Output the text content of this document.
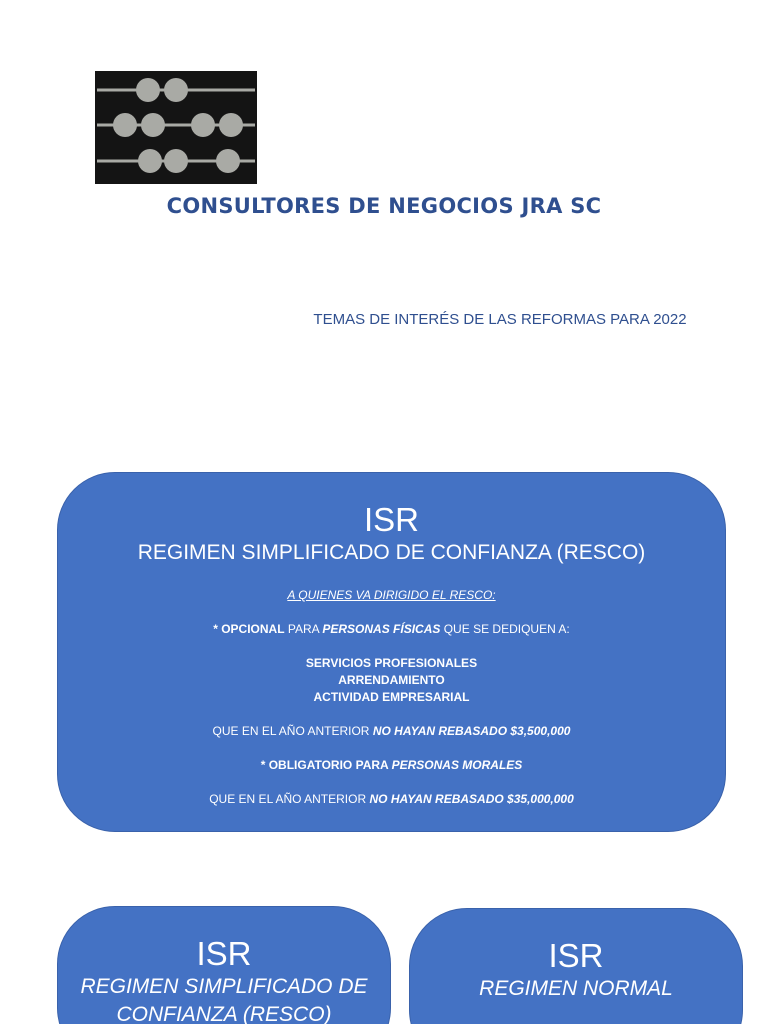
CONSULTORES DE NEGOCIOS JRA SC
TEMAS DE INTERÉS DE LAS REFORMAS PARA 2022
ISR
REGIMEN SIMPLIFICADO DE CONFIANZA (RESCO)
A QUIENES VA DIRIGIDO EL RESCO:
* OPCIONAL PARA PERSONAS FÍSICAS QUE SE DEDIQUEN A:
SERVICIOS PROFESIONALES
ARRENDAMIENTO
ACTIVIDAD EMPRESARIAL
QUE EN EL AÑO ANTERIOR NO HAYAN REBASADO $3,500,000
* OBLIGATORIO PARA PERSONAS MORALES
QUE EN EL AÑO ANTERIOR NO HAYAN REBASADO $35,000,000
ISR
REGIMEN SIMPLIFICADO DE CONFIANZA (RESCO)
ISR
REGIMEN NORMAL
